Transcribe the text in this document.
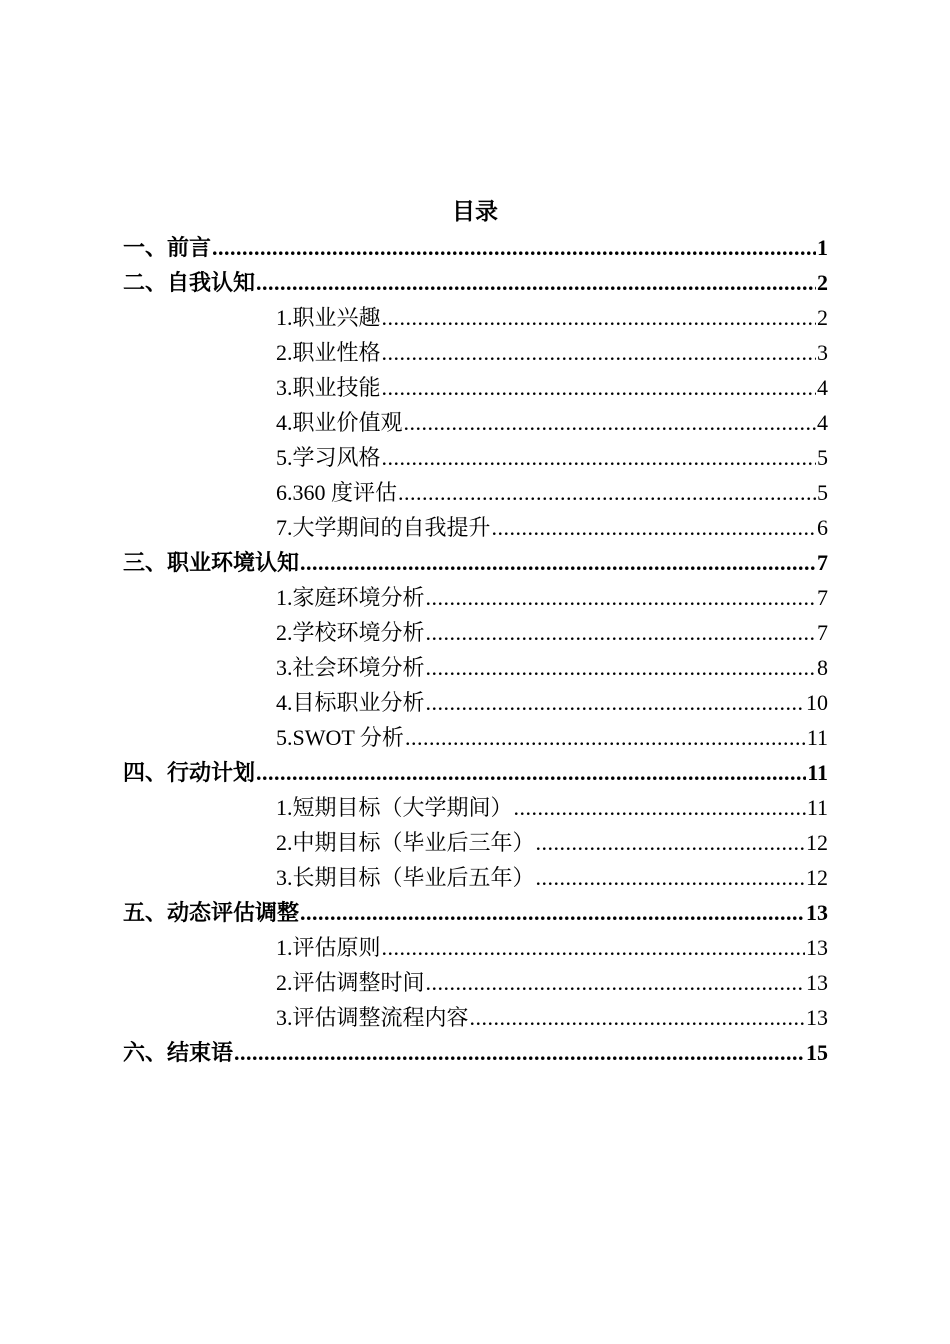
目录
一、前言 .....	1
二、自我认知 .....	2
1.职业兴趣 .....	2
2.职业性格 .....	3
3.职业技能 .....	4
4.职业价值观 .....	4
5.学习风格 .....	5
6.360 度评估 .....	5
7.大学期间的自我提升 .....	6
三、职业环境认知 .....	7
1.家庭环境分析 .....	7
2.学校环境分析 .....	7
3.社会环境分析 .....	8
4.目标职业分析 .....	10
5.SWOT 分析 .....	11
四、行动计划 .....	11
1.短期目标（大学期间） .....	11
2.中期目标（毕业后三年） .....	12
3.长期目标（毕业后五年） .....	12
五、动态评估调整 .....	13
1.评估原则 .....	13
2.评估调整时间 .....	13
3.评估调整流程内容 .....	13
六、结束语 .....	15
